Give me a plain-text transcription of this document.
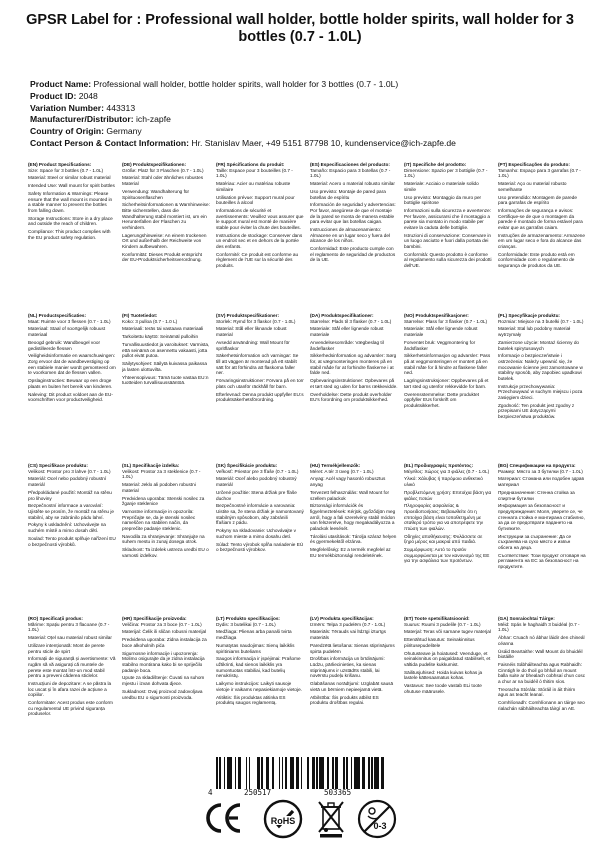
GPSR Label for : Professional wall holder, bottle holder spirits, wall holder for 3 bottles (0.7 - 1.0L)
Product Name: Professional wall holder, bottle holder spirits, wall holder for 3 bottles (0.7 - 1.0L)
Product ID: 2048
Variation Number: 443313
Manufacturer/Distributor: ich-zapfe
Country of Origin: Germany
Contact Person & Contact Information: Hr. Stanislav Maer, +49 5151 87798 10, kundenservice@ich-zapfe.de
(EN) Product Specifications:

Size: Space for 3 bottles (0.7 - 1.0L)

Material: Steel or similar robust material

Intended Use: Wall mount for spirit bottles

Safety Information & Warnings: Please ensure that the wall mount is mounted in a stable manner to prevent the bottles from falling down.

Storage Instructions: Store in a dry place and outside the reach of children.

Compliance: This product complies with the EU product safety regulation.

(DE) Produktspezifikationen:

Größe: Platz für 3 Flaschen (0.7 - 1.0L)

Material: Stahl oder ähnliches robustes Material

Verwendung: Wandhalterung für Spirituosenflaschen

Sicherheitsinformationen & Warnhinweise: Bitte sicherstellen, dass die Wandhalterung stabil montiert ist, um ein Herunterfallen der Flaschen zu verhindern.

Lagerungshinweise: An einem trockenen Ort und außerhalb der Reichweite von Kindern aufbewahren.

Konformität: Dieses Produkt entspricht der EU-Produktsicherheitsverordnung.

(FR) Spécifications du produit:

Taille: Espace pour 3 bouteilles (0.7 - 1.0L)

Matériau: Acier ou matériau robuste similaire

Utilisation prévue: Support mural pour bouteilles à alcool

Informations de sécurité et avertissements: Veuillez vous assurer que le support mural est monté de manière stable pour éviter la chute des bouteilles.

Instructions de stockage: Conserver dans un endroit sec et en dehors de la portée des enfants.

Conformité: Ce produit est conforme au règlement de l'UE sur la sécurité des produits.

(ES) Especificaciones del producto:

Tamaño: Espacio para 3 botellas (0.7 - 1.0L)

Material: Acero o material robusto similar

Uso previsto: Montaje de pared para botellas de espíritu

Información de seguridad y advertencias: Por favor, asegúrese de que el montaje de la pared se monta de manera estable para evitar que las botellas caigan.

Instrucciones de almacenamiento: Almacene en un lugar seco y fuera del alcance de los niños.

Conformidad: Este producto cumple con el reglamento de seguridad de productos de la UE.

(IT) Specifiche del prodotto:

Dimensione: Spazio per 3 bottiglie (0.7 - 1.0L)

Materiale: Acciaio o materiale solido simile

Uso previsto: Montaggio da muro per bottiglie spiritose

Informazioni sulla sicurezza e avvertenze: Per favore, assicurarsi che il montaggio a parete sia montato in modo stabile per evitare la caduta delle bottiglie.

Istruzioni di conservazione: Conservare in un luogo asciutto e fuori dalla portata dei bambini.

Conformità: Questo prodotto è conforme al regolamento sulla sicurezza dei prodotti dell'UE.

(PT) Especificações do produto:

Tamanho: Espaço para 3 garrafas (0.7 - 1.0L)

Material: Aço ou material robusto semelhante

Uso pretendido: Montagem de parede para garrafas de espírito

Informações de segurança e avisos: Certifique-se de que o montagem da parede é montado de forma estável para evitar que as garrafas caiam.

Instruções de armazenamento: Armazene em um lugar seco e fora do alcance das crianças.

Conformidade: Este produto está em conformidade com o regulamento de segurança de produtos da UE.

(NL) Productspecificaties:

Maat: Ruimte voor 3 flessen (0.7 - 1.0L)

Materiaal: Staal of soortgelijk robuust materiaal

Beoogd gebruik: Wandbeugel voor gedistilleerde flessen

Veiligheidsinformatie en waarschuwingen: Zorg ervoor dat de wandbevestiging op een stabiele manier wordt gemonteerd om te voorkomen dat de flessen vallen.

Opslaginstructies: Bewaar op een droge plaats en buiten het bereik van kinderen.

Naleving: Dit product voldoet aan de EU-voorschriften voor productveiligheid.

(FI) Tuotetiedot:

Koko: 3 pulloa (0.7 - 1.0 L)

Materiaali: teräs tai vastaava materiaali

Tarkoitettu käyttö: Seinämäl pulloihin

Turvallisuustiedot ja varoitukset: Varmista, että seinämä on asennettu vakaasti, jotta pullot eivät putoa.

Säilytysohjeet: Säilytä kuivassa paikassa ja lasten ulottuvilta.

Yhteensopivuus: Tämä tuote vastaa EU:n tuotteiden turvallisuussääntöä.

(SV) Produktspecifikationer:

Storlek: Rymd för 3 flaskor (0.7 - 1.0L)

Material: Stål eller liknande robust material

Avsedd användning: Wall Mount för spritflaskor

Säkerhetsinformation och varningar: Se till att väggen är monterad på ett stabilt sätt för att förhindra att flaskorna faller ner.

Förvaringsinstruktioner: Förvara på en torr plats och utanför räckhåll för barn.

Efterlevnad: Denna produkt uppfyller EU:s produktsäkerhetsförordning.

(DA) Produktspecifikationer:

Størrelse: Plads til 3 flasker (0.7 - 1.0L)

Materiale: Stål eller lignende robust materiale

Anvendelsesområde: Vægbeslag til åndeflasker

Sikkerhedsinformation og advarsler: Sørg for, at vægmonteringen monteres på en stabil måde for at forhindre flaskerne i at falde ned.

Opbevaringsinstruktioner: Opbevares på et tørt sted og uden for børns rækkevidde.

Overholdelse: Dette produkt overholder EU's forordning om produktsikkerhed.

(NO) Produktspesifikasjoner:

Størrelse: Plass for 3 flasker (0.7 - 1.0L)

Materiale: Stål eller lignende robust materiale

Forventet bruk: Veggmontering for åndsflasker

Sikkerhetsinformasjon og advarsler: Pass på at veggmonteringen er montert på en stabil måte for å hindre at flaskene faller ned.

Lagringsinstruksjoner: Oppbevares på et tørt sted og utenfor rekkevidde for barn.

Overensstemmelse: Dette produktet oppfyller EUs forskrift om produktsikkerhet.

(PL) Specyfikacje produktu:

Rozmiar: Miejsce na 3 butelki (0.7 - 1.0L)

Materiał: Stal lub podobny materiał wytrzymały

Zamierzone użycie: Montaż ścienny do butelek spirytusowych

Informacje o bezpieczeństwie i ostrzeżenia: Należy upewnić się, że mocowanie ścienne jest zamontowane w stabilny sposób, aby zapobiec upadkowi butelek.

Instrukcje przechowywania: Przechowywać w suchym miejscu i poza zasięgiem dzieci.

Zgodność: Ten produkt jest zgodny z przepisami UE dotyczącymi bezpieczeństwa produktów.

(CS) Specifikace produktu:

Velikost: Prostor pro 3 lahve (0.7 - 1.0L)

Materiál: Ocel nebo podobný robustní materiál

Předpokládané použití: Montáž na stěnu pro lihoviny

Bezpečnostní informace a varování: Ujistěte se prosím, že montáž na stěnu je stabilní, aby se zabránilo pádu lahví.

Pokyny k uskladnění: Uchovávejte na suchém místě a mimo dosah dětí.

Soulad: Tento produkt splňuje nařízení EU o bezpečnosti výrobků.

(SL) Specifikacije izdelka:

Velikost: Prostor za 3 steklenice (0.7 - 1.0L)

Material: Jeklo ali podoben robustni material

Predvidena uporaba: Stenski nosilec za žganje steklenice

Varnostne informacije in opozorila: Prepričajte se, da je stenski nosilec nameščen na stabilen način, da preprečite padanje steklenic.

Navodila za shranjevanje: Shranjujte na suhem mestu in zunaj dosega otrok.

Skladnost: Ta izdelek ustreza uredbi EU o varnosti izdelkov.

(SK) Špecifikácie produktu:

Veľkosť: Priestor pre 3 fľaše (0.7 - 1.0L)

Materiál: Oceľ alebo podobný robustný materiál

Určené použitie: Stena držiak pre fľaše duchov

Bezpečnostné informácie a varovania: Uistite sa, že stena držiak je namontovaný stabilným spôsobom, aby zabránili fľašiam z pádu.

Pokyny na skladovanie: Uchovávajte v suchom mieste a mimo dosahu detí.

Súlad: Tento výrobok spĺňa nariadenie EÚ o bezpečnosti výrobkov.

(HU) Termékjellemzők:

Méret: A tér 3 üveg (0.7 - 1.0L)

Anyag: Acél vagy hasonló robusztus anyag

Tervezett felhasználás: Wall Mount for szellem palackok

Biztonsági információk és figyelmeztetések: Kérjük, győződjön meg arról, hogy a fali szerelvény stabil módon van felszerelve, hogy megakadályozza a palackok leesését.

Tárolási utasítások: Tárolja száraz helyen és gyermekektől elzárva.

Megfelelőség: Ez a termék megfelel az EU termékbiztonsági rendeletének.

(EL) Προδιαγραφές προϊόντος:

Μέγεθος: Χώρος για 3 φιάλες (0.7 - 1.0L)

Υλικό: Χάλυβας ή παρόμοιο ανθεκτικό υλικό

Προβλεπόμενη χρήση: Επιτοίχια βάση για φιάλες ποτών

Πληροφορίες ασφαλείας & προειδοποιήσεις: Βεβαιωθείτε ότι η επιτοίχια βάση είναι τοποθετημένη με σταθερό τρόπο για να αποτρέψετε την πτώση των φιαλών.

Οδηγίες αποθήκευσης: Φυλάσσετε σε ξηρό μέρος και μακριά από παιδιά.

Συμμόρφωση: Αυτό το προϊόν συμμορφώνεται με τον κανονισμό της ΕΕ για την ασφάλεια των προϊόντων.

(BG) Спецификации на продукта:

Размер: Място за 3 бутилки (0.7 - 1.0L)

Материал: Стомана или подобен здрав материал

Предназначение: Стенна стойка за спиртни бутилки

Информация за безопасност и предупреждения: Моля, уверете се, че стенната стойка е монтирана стабилно, за да се предотврати падането на бутилките.

Инструкции за съхранение: Да се съхранява на сухо място и извън обсега на деца.

Съответствие: Този продукт отговаря на регламента на ЕС за безопасност на продуктите.

(RO) Specificații produs:

Mărime: Spațiu pentru 3 flacoane (0.7 - 1.0L)

Material: Oțel sau material robust similar

Utilizare intenționată: Mont de perete pentru sticle de spirt

Informații de siguranță și avertismente: Vă rugăm să vă asigurați că muntele de perete este montat într-un mod stabil pentru a preveni căderea sticlelor.

Instrucțiuni de depozitare: A se păstra la loc uscat și în afara razei de acțiune a copiilor.

Conformitate: Acest produs este conform cu regulamentul UE privind siguranța produselor.

(HR) Specifikacije proizvoda:

Veličina: Prostor za 3 boce (0.7 - 1.0L)

Materijal: Čelik ili sličan robusni materijal

Predviđena uporaba: Zidna instalacija za boce alkoholnih pića

Sigurnosne informacije i upozorenja: Molimo osigurajte da je zidna instalacija stabilno montirana kako bi se spriječilo padanje boca.

Upute za skladištenje: Čuvati na suhom mjestu i izvan dohvata djece.

Sukladnost: Ovaj proizvod zadovoljava uredbu EU o sigurnosti proizvoda.

(LT) Produkto specifikacijos:

Dydis: 3 butelikai (0.7 - 1.0L)

Medžiaga: Plienas arba panaši tvirta medžiaga

Numatytas naudojimas: Sienų laikiklis spiritiniams buteliams

Saugos informacija ir įspėjimai: Prašome užtikrinti, kad sienos laikiklis yra sumontuotas stabiliai, kad butelių nenukristų.

Laikymo instrukcijos: Laikyti sausoje vietoje ir vaikams nepasiekiamoje vietoje.

Atitiktis: Šis produktas atitinka ES produktų saugos reglamentą.

(LV) Produkta specifikācijas:

Izmērs: Telpa 3 pudelēm (0.7 - 1.0L)

Materiāls: Tērauds vai līdzīgi izturīgs materiāls

Paredzētā lietošana: Sienas stiprinājums spirta pudelēm

Drošības informācija un brīdinājumi: Lūdzu, pārliecinieties, ka sienas stiprinājums ir uzstādīts stabili, lai novērstu pudeļu krišanu.

Glabāšanas norādījumi: Uzglabāt sausā vietā un bērniem nepieejamā vietā.

Atbilstība: Šis produkts atbilst ES produktu drošības regulai.

(ET) Toote spetsifikatsioonid:

Suurus: Ruumi 3 pudelile (0.7 - 1.0L)

Materjal: Teras või sarnane tugev materjal

Ettenähtud kasutus: Seinakinnitus piiritusepudelitele

Ohutusteave ja hoiatused: Veenduge, et seinakinnitus on paigaldatud stabiilselt, et vältida pudelite kukkumist.

Säilitusjuhised: Hoida kuivas kohas ja lastele kättesaamatus kohas.

Vastavus: See toode vastab ELi toote ohutuse määrusele.

(GA) Sonraíochtaí Táirge:

Méid: Spás le haghaidh 3 buidéal (0.7 - 1.0L)

Ábhar: Cruach nó ábhar láidir den chineál céanna

Úsáid Beartaithe: Wall Mount do bhuidéil biotáille

Faisnéis Sábháilteachta agus Rabhaidh: Cinntigh le do thoil go bhfuil an mount balla suite ar bhealach cobhsaí chun cosc a chur ar na buidéil ó thitim síos.

Treoracha Stórála: Stóráil in áit thirim agus as teacht leanaí.

Comhlíonadh: Comhlíonann an táirge seo rialachán sábháilteachta táirgí an AE.

4	250517	503365
RoHS	0-3
